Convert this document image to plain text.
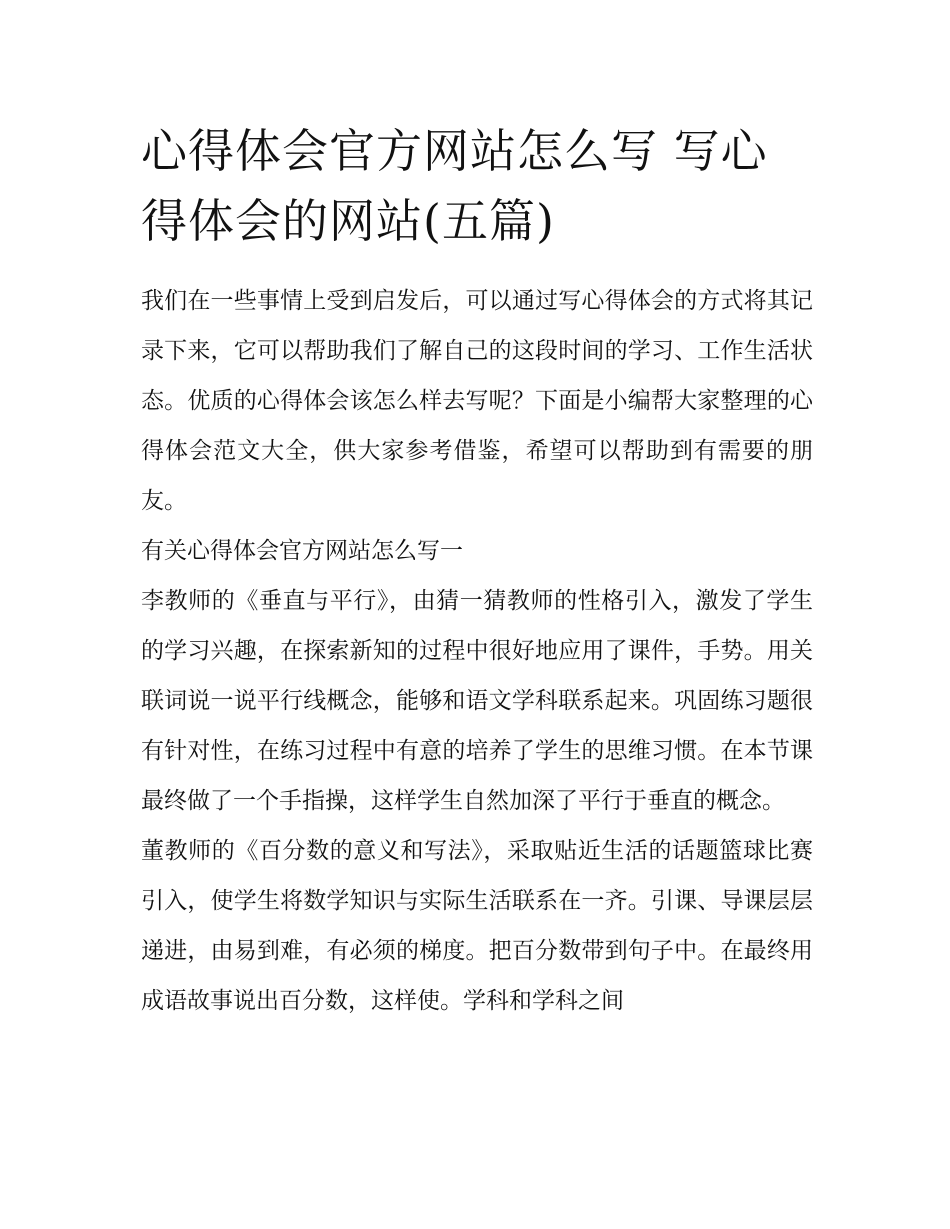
心得体会官方网站怎么写 写心得体会的网站(五篇)

我们在一些事情上受到启发后，可以通过写心得体会的方式将其记录下来，它可以帮助我们了解自己的这段时间的学习、工作生活状态。优质的心得体会该怎么样去写呢？下面是小编帮大家整理的心得体会范文大全，供大家参考借鉴，希望可以帮助到有需要的朋友。

有关心得体会官方网站怎么写一

李教师的《垂直与平行》，由猜一猜教师的性格引入，激发了学生的学习兴趣，在探索新知的过程中很好地应用了课件，手势。用关联词说一说平行线概念，能够和语文学科联系起来。巩固练习题很有针对性，在练习过程中有意的培养了学生的思维习惯。在本节课最终做了一个手指操，这样学生自然加深了平行于垂直的概念。

董教师的《百分数的意义和写法》，采取贴近生活的话题篮球比赛引入，使学生将数学知识与实际生活联系在一齐。引课、导课层层递进，由易到难，有必须的梯度。把百分数带到句子中。在最终用成语故事说出百分数，这样使。学科和学科之间
